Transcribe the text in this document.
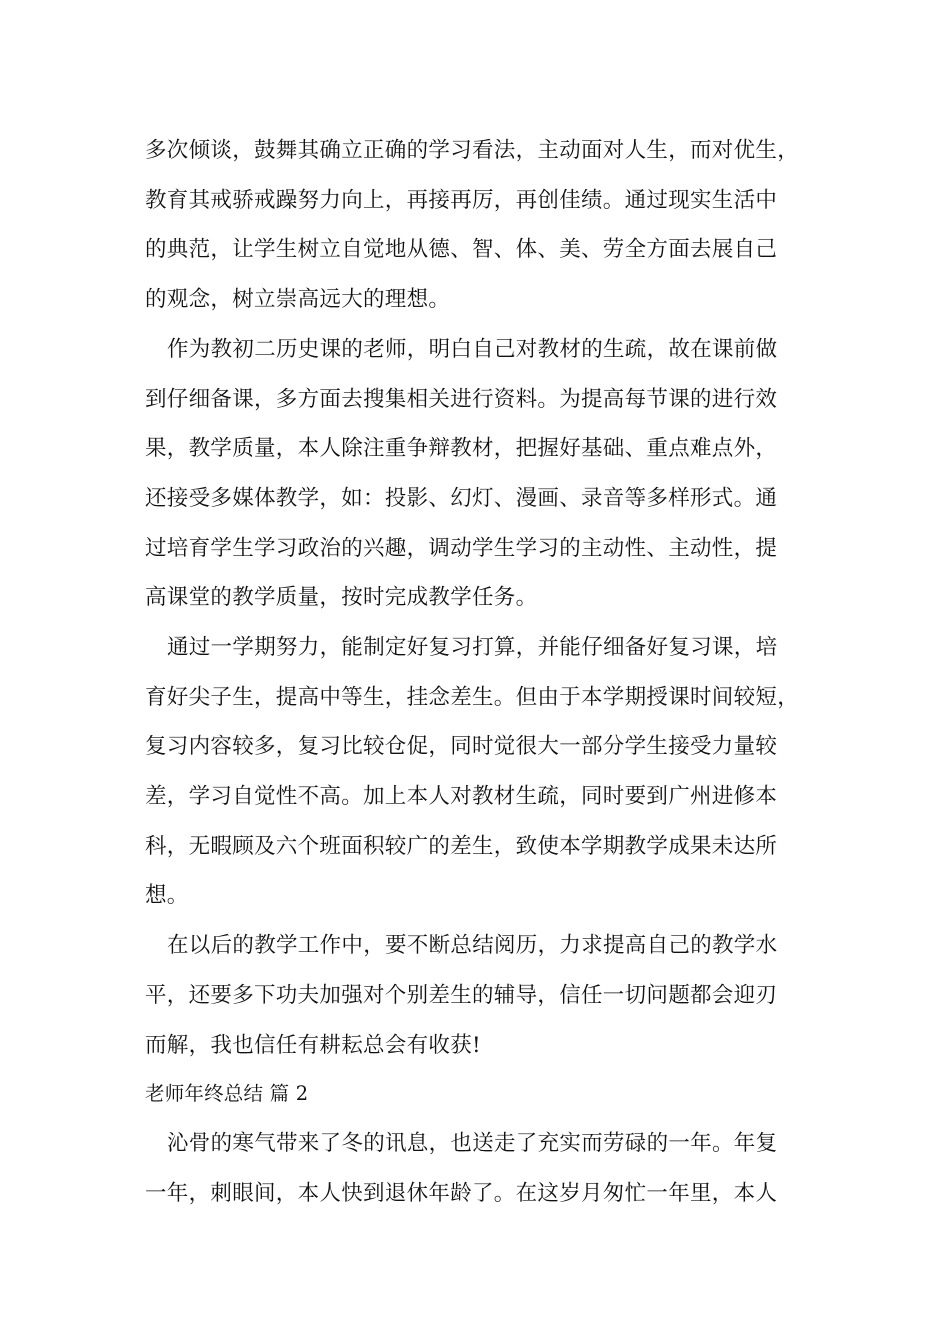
多次倾谈，鼓舞其确立正确的学习看法，主动面对人生，而对优生，
教育其戒骄戒躁努力向上，再接再厉，再创佳绩。通过现实生活中
的典范，让学生树立自觉地从德、智、体、美、劳全方面去展自己
的观念，树立崇高远大的理想。
作为教初二历史课的老师，明白自己对教材的生疏，故在课前做
到仔细备课，多方面去搜集相关进行资料。为提高每节课的进行效
果，教学质量，本人除注重争辩教材，把握好基础、重点难点外，
还接受多媒体教学，如：投影、幻灯、漫画、录音等多样形式。通
过培育学生学习政治的兴趣，调动学生学习的主动性、主动性，提
高课堂的教学质量，按时完成教学任务。
通过一学期努力，能制定好复习打算，并能仔细备好复习课，培
育好尖子生，提高中等生，挂念差生。但由于本学期授课时间较短，
复习内容较多，复习比较仓促，同时觉很大一部分学生接受力量较
差，学习自觉性不高。加上本人对教材生疏，同时要到广州进修本
科，无暇顾及六个班面积较广的差生，致使本学期教学成果未达所
想。
在以后的教学工作中，要不断总结阅历，力求提高自己的教学水
平，还要多下功夫加强对个别差生的辅导，信任一切问题都会迎刃
而解，我也信任有耕耘总会有收获!
老师年终总结 篇 2
沁骨的寒气带来了冬的讯息，也送走了充实而劳碌的一年。年复
一年，刺眼间，本人快到退休年龄了。在这岁月匆忙一年里，本人
